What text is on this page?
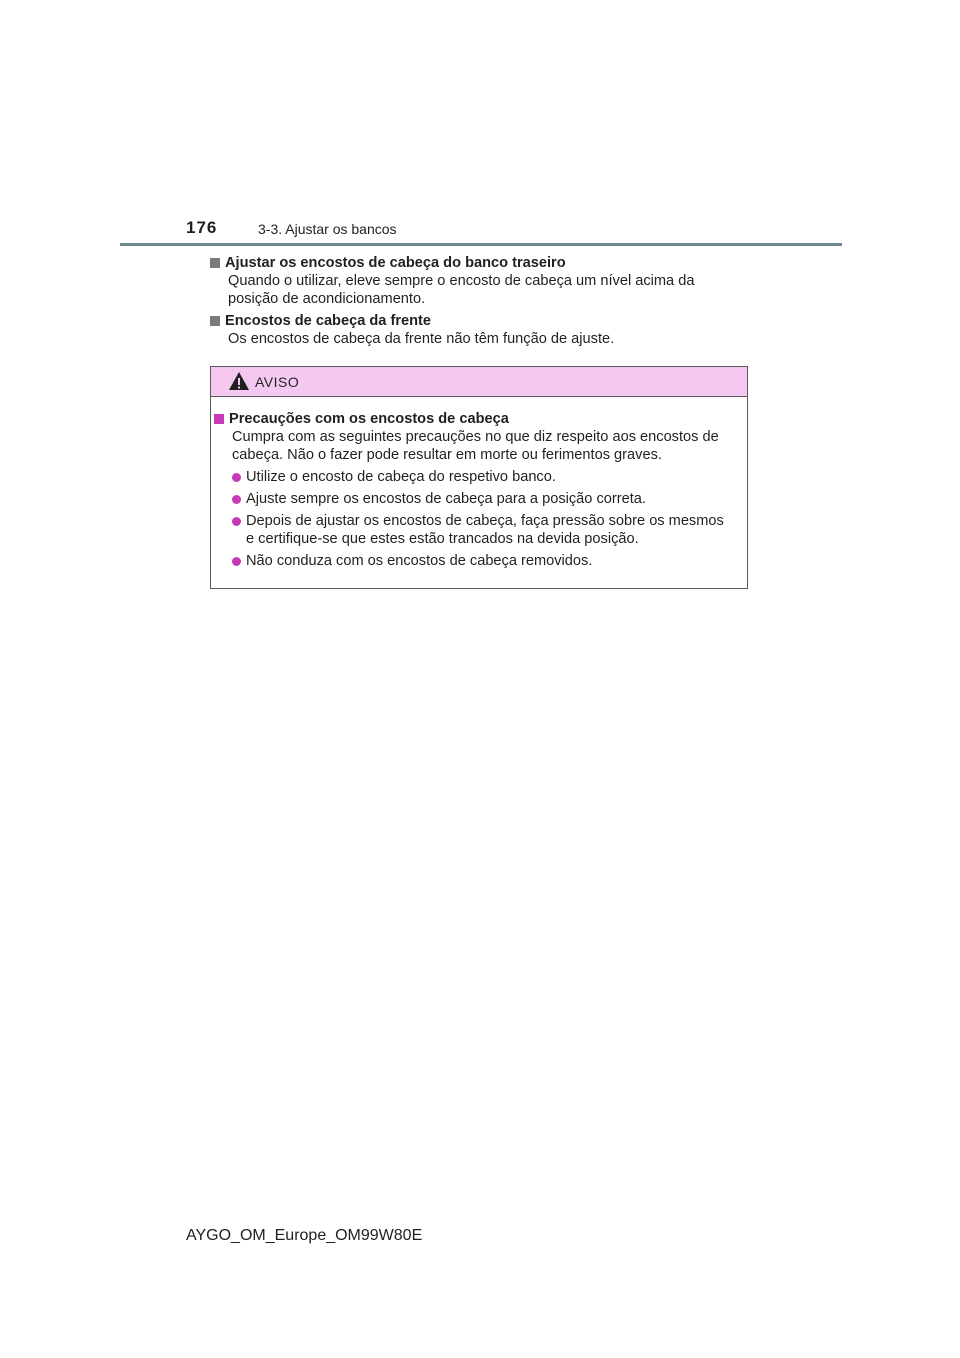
176	3-3. Ajustar os bancos
Ajustar os encostos de cabeça do banco traseiro
Quando o utilizar, eleve sempre o encosto de cabeça um nível acima da
posição de acondicionamento.
Encostos de cabeça da frente
Os encostos de cabeça da frente não têm função de ajuste.
AVISO
Precauções com os encostos de cabeça
Cumpra com as seguintes precauções no que diz respeito aos encostos de
cabeça. Não o fazer pode resultar em morte ou ferimentos graves.
Utilize o encosto de cabeça do respetivo banco.
Ajuste sempre os encostos de cabeça para a posição correta.
Depois de ajustar os encostos de cabeça, faça pressão sobre os mesmos
e certifique-se que estes estão trancados na devida posição.
Não conduza com os encostos de cabeça removidos.
AYGO_OM_Europe_OM99W80E
